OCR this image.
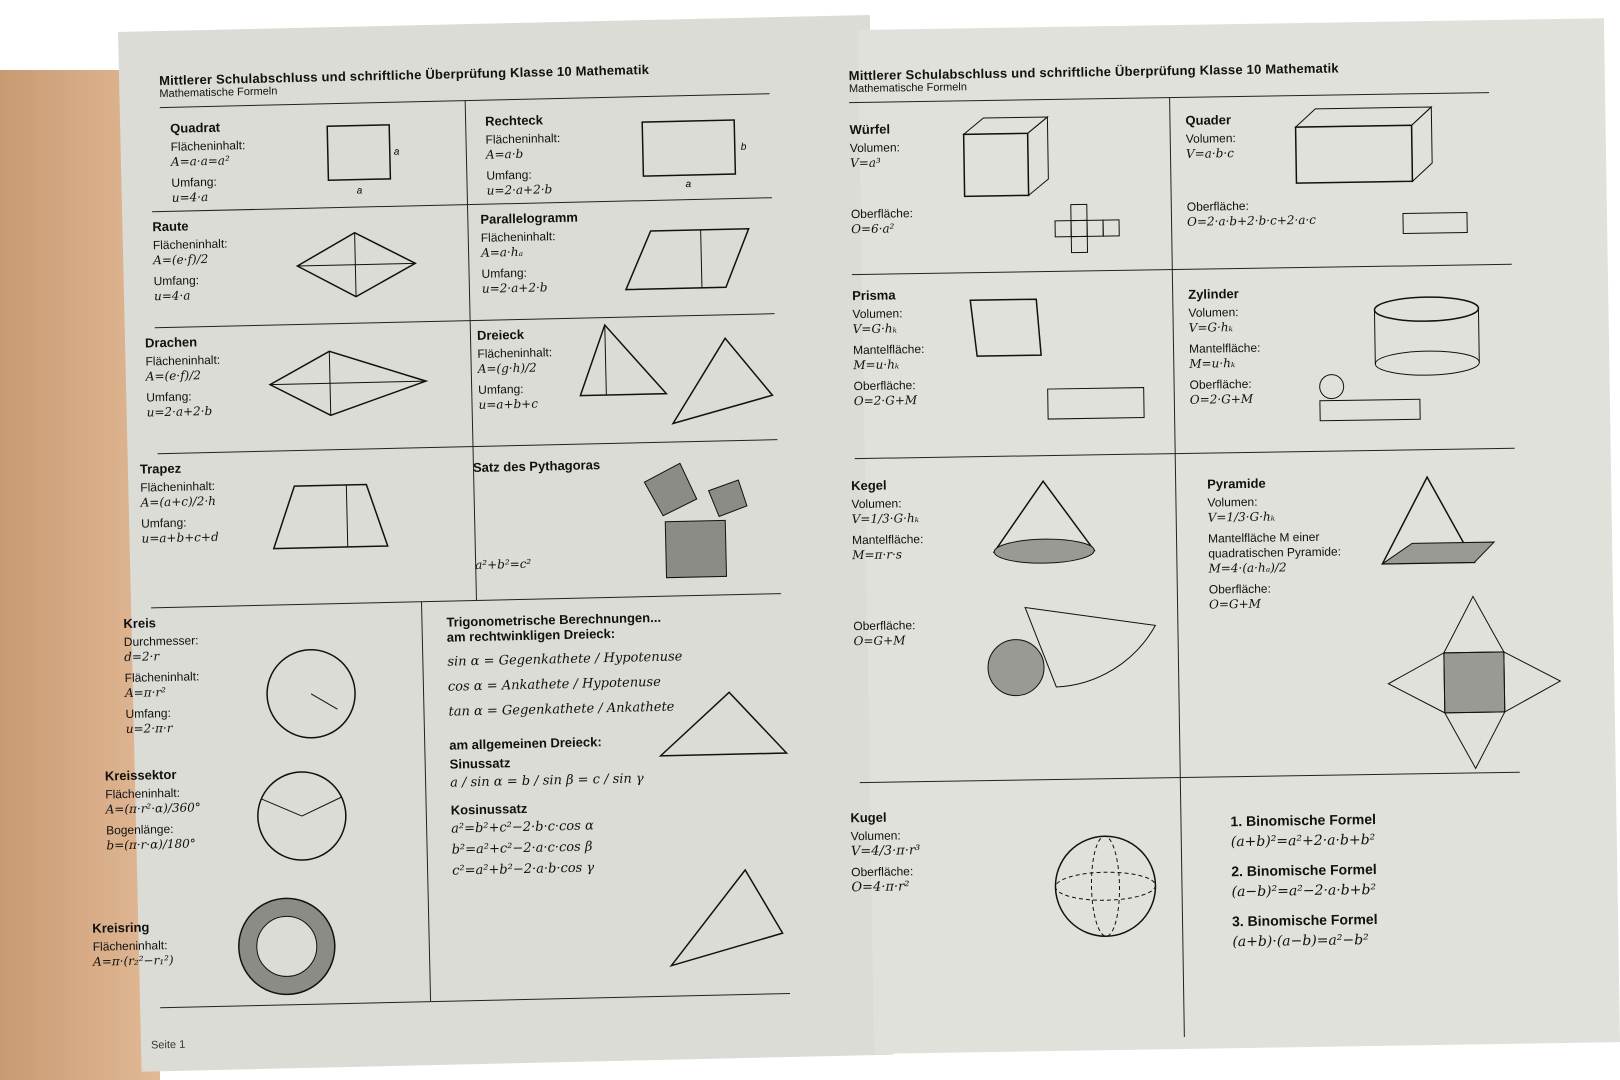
Mittlerer Schulabschluss und schriftliche Überprüfung Klasse 10 Mathematik
Mathematische Formeln
Quadrat
Flächeninhalt:
A=a·a=a²
Umfang:
u=4·a
a
a
Rechteck
Flächeninhalt:
A=a·b
Umfang:
u=2·a+2·b
b
a
Raute
Flächeninhalt:
A=(e·f)/2
Umfang:
u=4·a
Parallelogramm
Flächeninhalt:
A=a·hₐ
Umfang:
u=2·a+2·b
Drachen
Flächeninhalt:
A=(e·f)/2
Umfang:
u=2·a+2·b
Dreieck
Flächeninhalt:
A=(g·h)/2
Umfang:
u=a+b+c
Trapez
Flächeninhalt:
A=(a+c)/2·h
Umfang:
u=a+b+c+d
Satz des Pythagoras
a²+b²=c²
Kreis
Durchmesser:
d=2·r
Flächeninhalt:
A=π·r²
Umfang:
u=2·π·r
Kreissektor
Flächeninhalt:
A=(π·r²·α)/360°
Bogenlänge:
b=(π·r·α)/180°
Kreisring
Flächeninhalt:
A=π·(r₂²−r₁²)
Trigonometrische Berechnungen...
am rechtwinkligen Dreieck:
sin α = Gegenkathete / Hypotenuse
cos α = Ankathete / Hypotenuse
tan α = Gegenkathete / Ankathete
am allgemeinen Dreieck:
Sinussatz
a / sin α = b / sin β = c / sin γ
Kosinussatz
a²=b²+c²−2·b·c·cos α
b²=a²+c²−2·a·c·cos β
c²=a²+b²−2·a·b·cos γ
Seite 1
Mittlerer Schulabschluss und schriftliche Überprüfung Klasse 10 Mathematik
Mathematische Formeln
Würfel
Volumen:
V=a³
Oberfläche:
O=6·a²
Quader
Volumen:
V=a·b·c
Oberfläche:
O=2·a·b+2·b·c+2·a·c
Prisma
Volumen:
V=G·hₖ
Mantelfläche:
M=u·hₖ
Oberfläche:
O=2·G+M
Zylinder
Volumen:
V=G·hₖ
Mantelfläche:
M=u·hₖ
Oberfläche:
O=2·G+M
Kegel
Volumen:
V=1/3·G·hₖ
Mantelfläche:
M=π·r·s
Oberfläche:
O=G+M
Pyramide
Volumen:
V=1/3·G·hₖ
Mantelfläche M einer quadratischen Pyramide:
M=4·(a·hₐ)/2
Oberfläche:
O=G+M
Kugel
Volumen:
V=4/3·π·r³
Oberfläche:
O=4·π·r²
1. Binomische Formel
(a+b)²=a²+2·a·b+b²
2. Binomische Formel
(a−b)²=a²−2·a·b+b²
3. Binomische Formel
(a+b)·(a−b)=a²−b²
